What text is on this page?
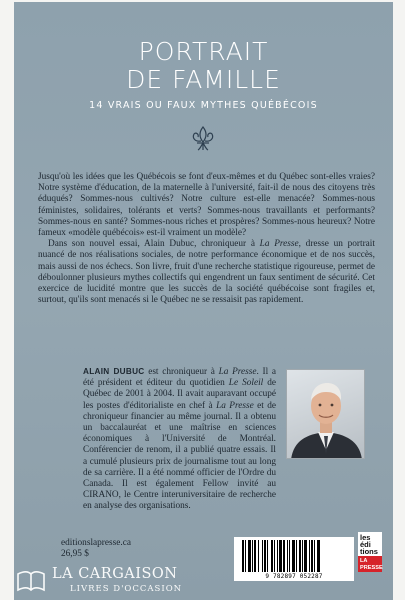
PORTRAIT
DE FAMILLE
14 VRAIS OU FAUX MYTHES QUÉBÉCOIS

Jusqu'où les idées que les Québécois se font d'eux-mêmes et du Québec sont-elles vraies? Notre système d'éducation, de la maternelle à l'université, fait-il de nous des citoyens très éduqués? Sommes-nous cultivés? Notre culture est-elle menacée? Sommes-nous féministes, solidaires, tolérants et verts? Sommes-nous travaillants et performants? Sommes-nous en santé? Sommes-nous riches et prospères? Sommes-nous heureux? Notre fameux «modèle québécois» est-il vraiment un modèle?

Dans son nouvel essai, Alain Dubuc, chroniqueur à La Presse, dresse un portrait nuancé de nos réalisations sociales, de notre performance économique et de nos succès, mais aussi de nos échecs. Son livre, fruit d'une recherche statistique rigoureuse, permet de déboulonner plusieurs mythes collectifs qui engendrent un faux sentiment de sécurité. Cet exercice de lucidité montre que les succès de la société québécoise sont fragiles et, surtout, qu'ils sont menacés si le Québec ne se ressaisit pas rapidement.

ALAIN DUBUC est chroniqueur à La Presse. Il a été président et éditeur du quotidien Le Soleil de Québec de 2001 à 2004. Il avait auparavant occupé les postes d'éditorialiste en chef à La Presse et de chroniqueur financier au même journal. Il a obtenu un baccalauréat et une maîtrise en sciences économiques à l'Université de Montréal. Conférencier de renom, il a publié quatre essais. Il a cumulé plusieurs prix de journalisme tout au long de sa carrière. Il a été nommé officier de l'Ordre du Canada. Il est également Fellow invité au CIRANO, le Centre interuniversitaire de recherche en analyse des organisations.
editionslapresse.ca
26,95 $
9 782897 052287
les
édi
tions
LA
PRESSE
LA CARGAISON
LIVRES D'OCCASION
